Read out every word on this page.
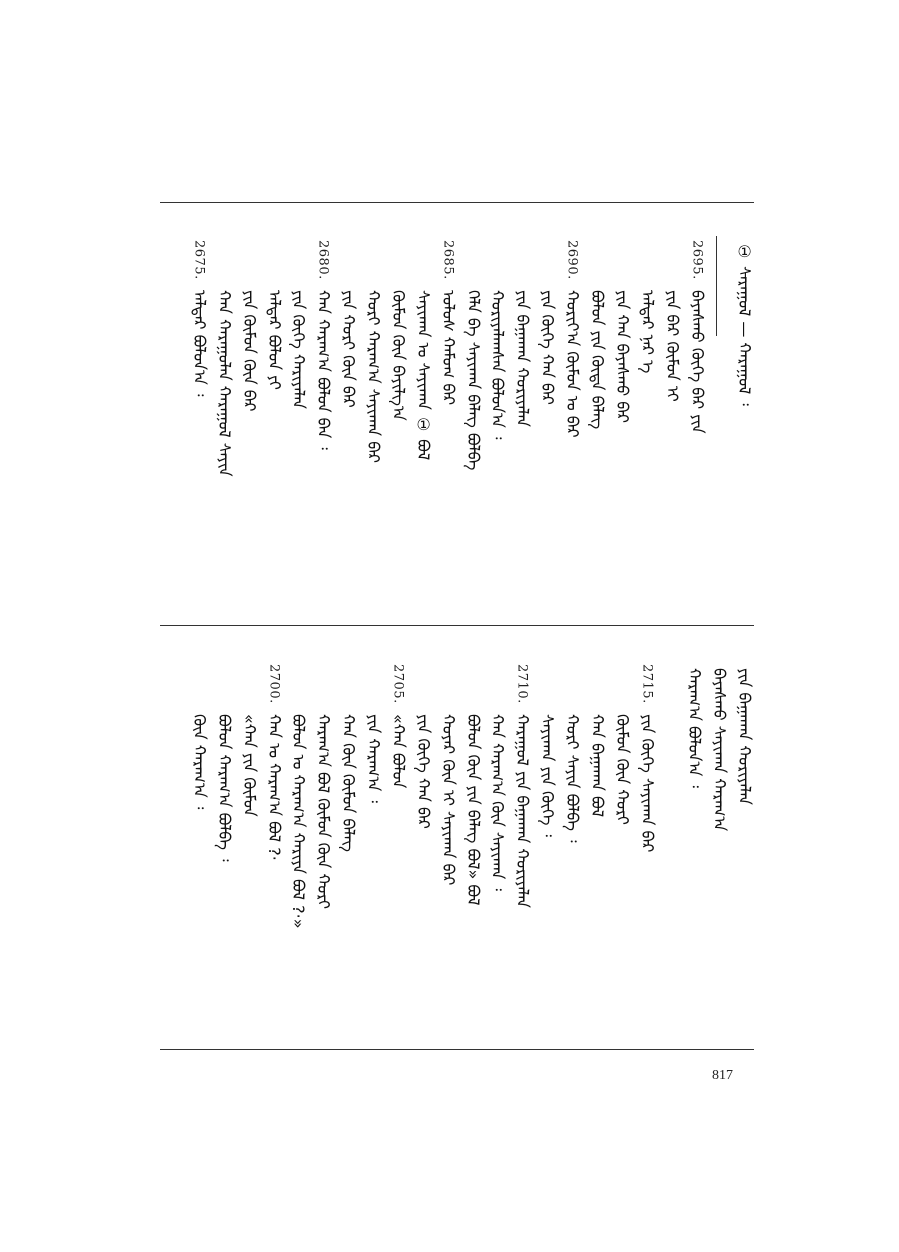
① ᠰᠠᠷᠠᠭᠤᠯ — ᠬᠠᠷᠠᠭᠤᠯ ᠄
2695.
2690.
2685.
2680.
2675.
ᠪᠠᠶᠠᠰᠬᠤ ᠬᠥᠬᠡ ᠪᠡᠷ ᠶᠢᠨ
ᠶᠢᠨ ᠪᠡᠷ ᠬᠦᠮᠦᠨ ᠢ
ᠠᠯᠳᠠᠷ ᠨᠡᠷ ᠡ
ᠶᠢᠨ ᠬᠠᠨ ᠪᠠᠶᠠᠰᠬᠤ ᠪᠠᠷ
ᠪᠤᠯᠤᠨ ᠶᠢᠨ ᠬᠦᠳᠡ ᠪᠡᠯᠡᠭ
ᠬᠤᠷᠢᠶ᠎ᠠ ᠬᠦᠮᠦᠨ ᠤ ᠪᠠᠷ
ᠶᠢᠨ ᠬᠥᠬᠡ ᠬᠠᠨ ᠪᠠᠷ
ᠶᠢᠨ ᠪᠠᠭᠠᠬᠠᠨ ᠬᠣᠷᠢᠶᠠᠯᠠᠨ
ᠬᠤᠷᠢᠶᠠᠯᠠᠭᠰᠠᠨ ᠪᠣᠯᠤᠨ᠎ᠠ ᠄
ᠬᠡᠯᠡ ᠪᠡ ᠰᠠᠶᠢᠬᠠᠨ ᠪᠡᠯᠡᠭ ᠪᠣᠯᠪᠠ
ᠤᠯᠤᠰ ᠬᠠᠮᠤᠭ ᠪᠡᠷ
ᠰᠠᠶᠢᠬᠠᠨ ᠤ ᠰᠠᠶᠢᠬᠠᠨ ① ᠪᠣᠯ
ᠬᠦᠮᠦᠨ ᠬᠦᠨ ᠪᠠᠶᠢᠯᠭ᠎ᠠ
ᠬᠤᠷᠢ ᠬᠠᠷᠠᠭ᠎ᠠ ᠰᠠᠶᠢᠬᠠᠨ ᠪᠡᠷ
ᠶᠢᠨ ᠬᠤᠷᠢ ᠬᠦᠨ ᠪᠠᠷ
ᠬᠠᠨ ᠬᠠᠷᠠᠭ᠎ᠠ ᠪᠤᠯᠤᠨ ᠪᠡᠨ ᠄
ᠶᠢᠨ ᠬᠥᠬᠡ ᠬᠠᠷᠢᠶᠠᠯᠠᠨ
ᠠᠯᠳᠠᠷ ᠪᠣᠯᠤᠨ ᠶᠢ
ᠶᠢᠨ ᠬᠦᠮᠦᠨ ᠬᠦᠨ ᠪᠠᠷ
ᠬᠠᠨ ᠬᠠᠷᠠᠭᠤᠯᠠᠨ ᠬᠠᠷᠠᠭᠤᠯ ᠰᠠᠶᠢᠨ
ᠠᠯᠳᠠᠷ ᠪᠣᠯᠤᠨ᠎ᠠ ᠄
2715.
2710.
2705.
2700.	ᠶᠢᠨ ᠪᠠᠭᠠᠬᠠᠨ ᠬᠣᠷᠢᠶᠠᠯᠠᠨ
ᠪᠠᠶᠠᠰᠬᠤ ᠰᠠᠶᠢᠬᠠᠨ ᠬᠠᠷᠠᠭ᠎ᠠ
ᠬᠠᠷᠠᠭ᠎ᠠ ᠪᠣᠯᠤᠨ᠎ᠠ ᠄
ᠶᠢᠨ ᠬᠥᠬᠡ ᠰᠠᠶᠢᠬᠠᠨ ᠪᠡᠷ
ᠬᠦᠮᠦᠨ ᠬᠦᠨ ᠬᠣᠷᠢ
ᠬᠠᠨ ᠪᠠᠭᠠᠬᠠᠨ ᠪᠣᠯ
ᠬᠤᠷᠢ ᠰᠠᠶᠢᠨ ᠪᠣᠯᠪᠠ ᠄
ᠰᠠᠶᠢᠬᠠᠨ ᠶᠢᠨ ᠬᠥᠬᠡ ᠄
ᠬᠠᠷᠠᠭᠤᠯ ᠶᠢᠨ ᠪᠠᠭᠠᠬᠠᠨ ᠬᠣᠷᠢᠶᠠᠯᠠᠨ
ᠬᠠᠨ ᠬᠠᠷᠠᠭ᠎ᠠ ᠬᠦᠨ ᠰᠠᠶᠢᠬᠠᠨ ᠄
ᠪᠤᠯᠤᠨ ᠬᠦᠨ ᠶᠢᠨ ᠪᠡᠯᠡᠭ ᠪᠣᠯ» ᠪᠣᠯ
ᠬᠣᠶᠠᠷ ᠬᠦᠨ ᠢ ᠰᠠᠶᠢᠬᠠᠨ ᠪᠠᠷ
ᠶᠢᠨ ᠬᠥᠬᠡ ᠬᠠᠨ ᠪᠠᠷ
«ᠬᠠᠨ ᠪᠣᠯᠤᠨ
ᠶᠢᠨ ᠬᠠᠷᠠᠭ᠎ᠠ ᠄
ᠬᠠᠨ ᠬᠦᠨ ᠬᠦᠮᠦᠨ ᠪᠡᠯᠡᠭ
ᠬᠠᠷᠠᠭ᠎ᠠ ᠪᠤᠯ ᠬᠦᠮᠦᠨ ᠬᠦᠨ ᠬᠣᠷᠢ
ᠪᠣᠯᠤᠨ ᠤ ᠬᠠᠷᠠᠭ᠎ᠠ ᠬᠠᠷᠢᠶᠠ ᠪᠣᠯ ?·»
ᠬᠠᠨ ᠤ ᠬᠠᠷᠠᠭ᠎ᠠ ᠪᠣᠯ ?·
«ᠬᠠᠨ ᠶᠢᠨ ᠬᠦᠮᠦᠨ
ᠪᠣᠯᠤᠨ ᠬᠠᠷᠠᠭ᠎ᠠ ᠪᠣᠯᠪᠠ ᠄
ᠬᠦᠨ ᠬᠠᠷᠠᠭ᠎ᠠ ᠄
817
